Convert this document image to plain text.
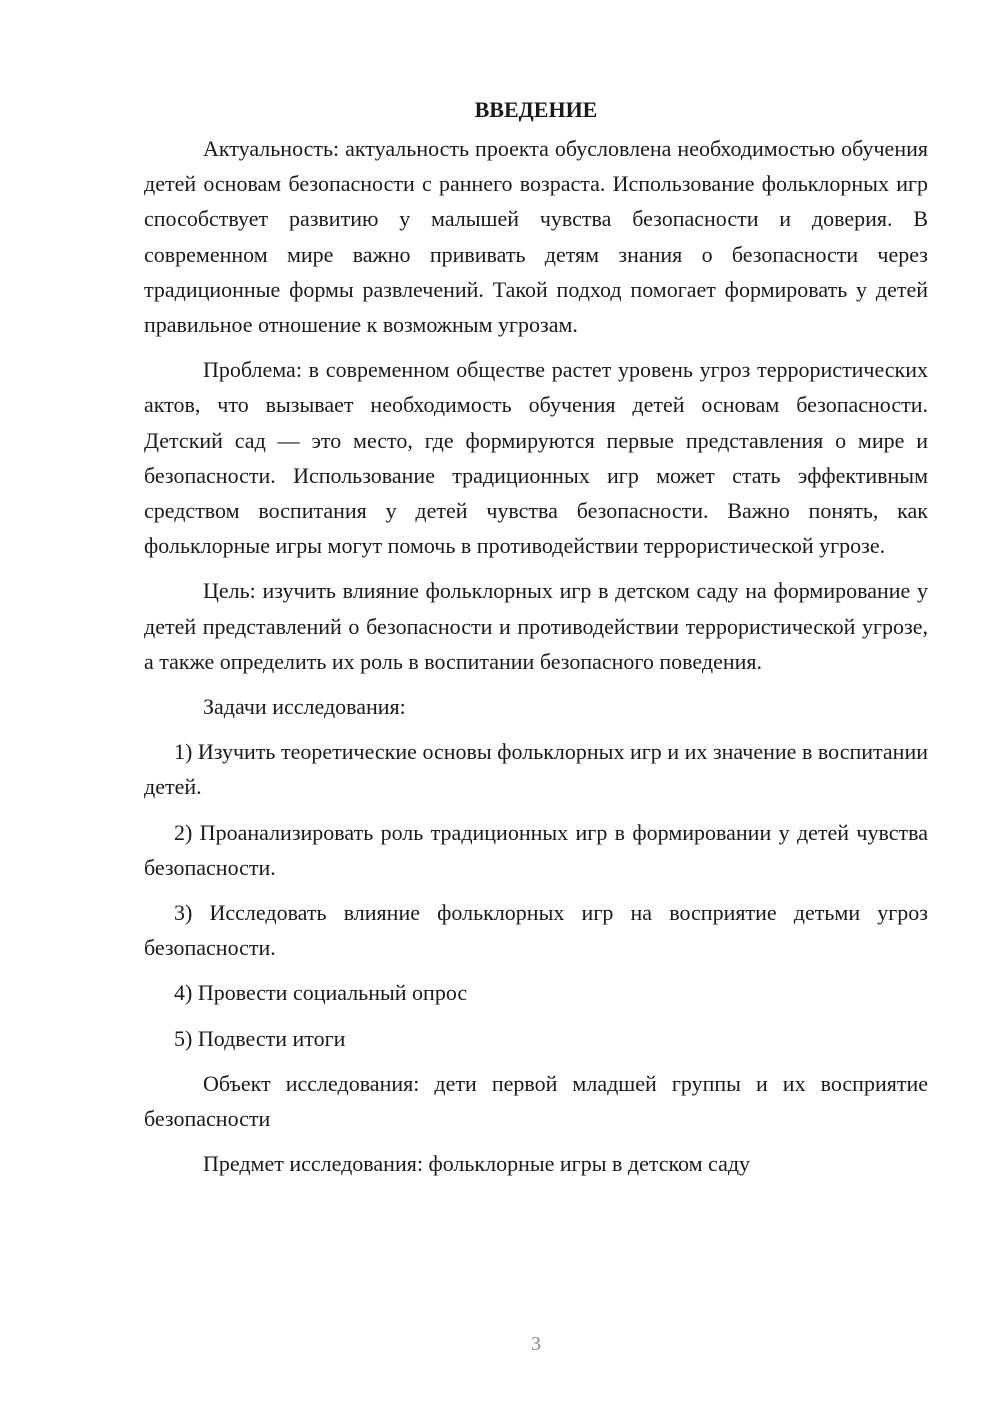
ВВЕДЕНИЕ

Актуальность: актуальность проекта обусловлена необходимостью обучения детей основам безопасности с раннего возраста. Использование фольклорных игр способствует развитию у малышей чувства безопасности и доверия. В современном мире важно прививать детям знания о безопасности через традиционные формы развлечений. Такой подход помогает формировать у детей правильное отношение к возможным угрозам.

Проблема: в современном обществе растет уровень угроз террористических актов, что вызывает необходимость обучения детей основам безопасности. Детский сад — это место, где формируются первые представления о мире и безопасности. Использование традиционных игр может стать эффективным средством воспитания у детей чувства безопасности. Важно понять, как фольклорные игры могут помочь в противодействии террористической угрозе.

Цель: изучить влияние фольклорных игр в детском саду на формирование у детей представлений о безопасности и противодействии террористической угрозе, а также определить их роль в воспитании безопасного поведения.

Задачи исследования:

1) Изучить теоретические основы фольклорных игр и их значение в воспитании детей.

2) Проанализировать роль традиционных игр в формировании у детей чувства безопасности.

3) Исследовать влияние фольклорных игр на восприятие детьми угроз безопасности.

4) Провести социальный опрос

5) Подвести итоги

Объект исследования: дети первой младшей группы и их восприятие безопасности

Предмет исследования: фольклорные игры в детском саду

3
